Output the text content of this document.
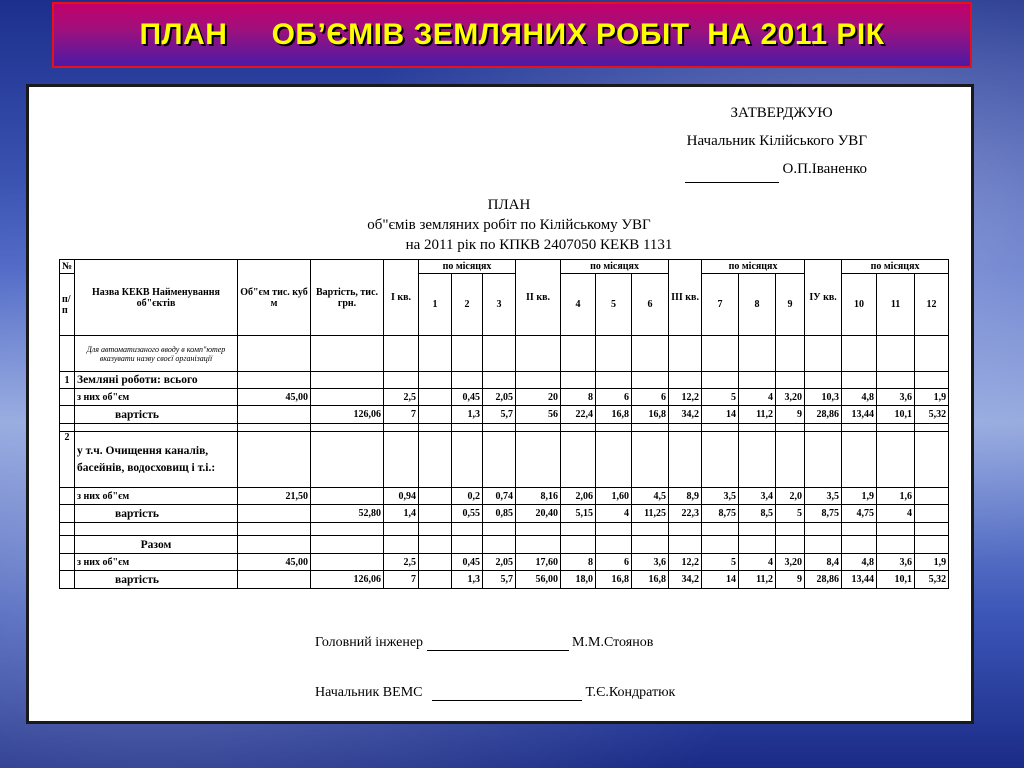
ПЛАН     ОБ’ЄМІВ ЗЕМЛЯНИХ РОБІТ  НА 2011 РІК
ЗАТВЕРДЖУЮ
Начальник Кілійського УВГ
О.П.Іваненко
ПЛАН
об"ємів земляних робіт по Кілійському УВГ
на 2011 рік по КПКВ 2407050 КЕКВ 1131
№	Назва КЕКВ Найменування об"єктів	Об"єм тис. куб м	Вартість, тис. грн.	I кв.	по місяцях			II кв.	по місяцях			ІІІ кв.	по місяцях			IУ кв.	по місяцях		
п/п					1	2	3		4	5	6		7	8	9		10	11	12

	Для автоматизаного вводу в комп"ютер вказувати назву своєї організації																		
1	Земляні роботи: всього																		
	з них об"єм	45,00		2,5		0,45	2,05	20	8	6	6	12,2	5	4	3,20	10,3	4,8	3,6	1,9
	вартість		126,06	7		1,3	5,7	56	22,4	16,8	16,8	34,2	14	11,2	9	28,86	13,44	10,1	5,32

2	у т.ч. Очищення каналів, басейнів, водосховищ і т.і.:																		
	з них об"єм	21,50		0,94		0,2	0,74	8,16	2,06	1,60	4,5	8,9	3,5	3,4	2,0	3,5	1,9	1,6	
	вартість		52,80	1,4		0,55	0,85	20,40	5,15	4	11,25	22,3	8,75	8,5	5	8,75	4,75	4	

	Разом																		
	з них об"єм	45,00		2,5		0,45	2,05	17,60	8	6	3,6	12,2	5	4	3,20	8,4	4,8	3,6	1,9
	вартість		126,06	7		1,3	5,7	56,00	18,0	16,8	16,8	34,2	14	11,2	9	28,86	13,44	10,1	5,32
Головний інженер	М.М.Стоянов
Начальник ВЕМС	Т.Є.Кондратюк
